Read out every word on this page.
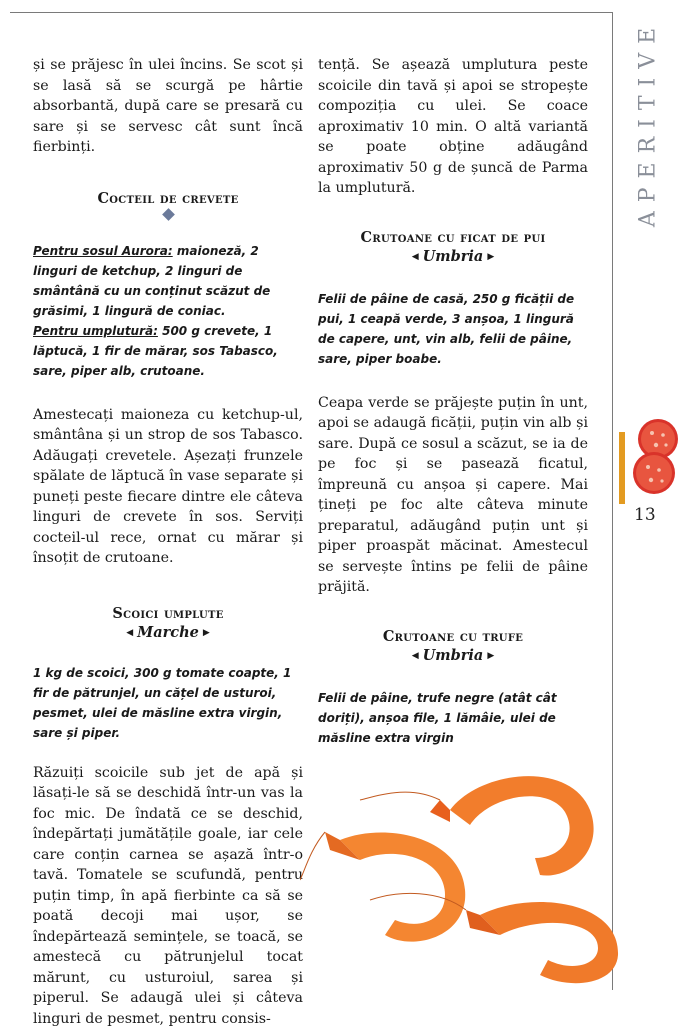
și se prăjesc în ulei încins. Se scot și se lasă să se scurgă pe hârtie absorbantă, după care se presară cu sare și se servesc cât sunt încă fierbinți.

Cocteil de crevete

Pentru sosul Aurora: maioneză, 2 linguri de ketchup, 2 linguri de smântână cu un conținut scăzut de grăsimi, 1 lingură de coniac.

Pentru umplutură: 500 g crevete, 1 lăptucă, 1 fir de mărar, sos Tabasco, sare, piper alb, crutoane.

Amestecați maioneza cu ketchup-ul, smântâna și un strop de sos Tabasco. Adăugați crevetele. Așezați frunzele spălate de lăptucă în vase separate și puneți peste fiecare dintre ele câteva linguri de crevete în sos. Serviți cocteil-ul rece, ornat cu mărar și însoțit de crutoane.

Scoici umplute

◀ Marche ▶

1 kg de scoici, 300 g tomate coapte, 1 fir de pătrunjel, un cățel de usturoi, pesmet, ulei de măsline extra virgin, sare și piper.

Răzuiți scoicile sub jet de apă și lăsați-le să se deschidă într-un vas la foc mic. De îndată ce se deschid, îndepărtați jumătățile goale, iar cele care conțin carnea se așază într-o tavă. Tomatele se scufundă, pentru puțin timp, în apă fierbinte ca să se poată decoji mai ușor, se îndepărtează semințele, se toacă, se amestecă cu pătrunjelul tocat mărunt, cu usturoiul, sarea și piperul. Se adaugă ulei și câteva linguri de pesmet, pentru consis-

tență. Se așează umplutura peste scoicile din tavă și apoi se stropește compoziția cu ulei. Se coace aproximativ 10 min. O altă variantă se poate obține adăugând aproximativ 50 g de șuncă de Parma la umplutură.

Crutoane cu ficat de pui

◀ Umbria ▶

Felii de pâine de casă, 250 g ficății de pui, 1 ceapă verde, 3 anșoa, 1 lingură de capere, unt, vin alb, felii de pâine, sare, piper boabe.

Ceapa verde se prăjește puțin în unt, apoi se adaugă ficății, puțin vin alb și sare. După ce sosul a scăzut, se ia de pe foc și se pasează ficatul, împreună cu anșoa și capere. Mai țineți pe foc alte câteva minute preparatul, adăugând puțin unt și piper proaspăt măcinat. Amestecul se servește întins pe felii de pâine prăjită.

Crutoane cu trufe

◀ Umbria ▶

Felii de pâine, trufe negre (atât cât doriți), anșoa file, 1 lămâie, ulei de măsline extra virgin

APERITIVE
13
